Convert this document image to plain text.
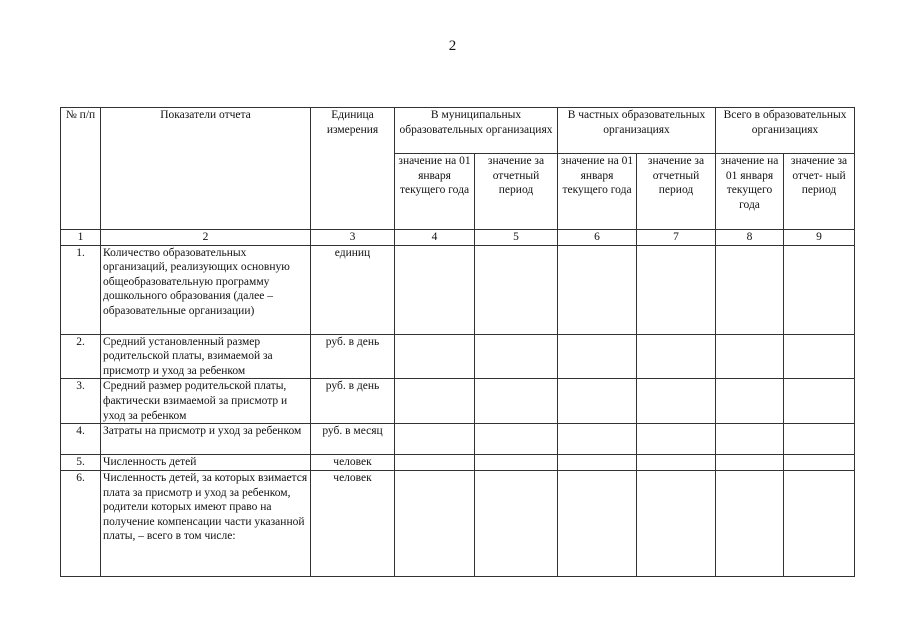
2
№ п/п	Показатели отчета	Единица измерения	В муниципальных образовательных организациях		В частных образовательных организациях		Всего в образовательных организациях	
			значение на 01 января текущего года	значение за отчетный период	значение на 01 января текущего года	значение за отчетный период	значение на 01 января текущего года	значение за отчет- ный период
1	2	3	4	5	6	7	8	9
1.	Количество образовательных организаций, реализующих основную общеобразовательную программу дошкольного образования (далее – образовательные организации)	единиц						
2.	Средний установленный размер родительской платы, взимаемой за присмотр и уход за ребенком	руб. в день						
3.	Средний размер родительской платы, фактически взимаемой за присмотр и уход за ребенком	руб. в день						
4.	Затраты на присмотр и уход за ребенком	руб. в месяц						
5.	Численность детей	человек						
6.	Численность детей, за которых взимается плата за присмотр и уход за ребенком, родители которых имеют право на получение компенсации части указанной платы, – всего в том числе:	человек						
